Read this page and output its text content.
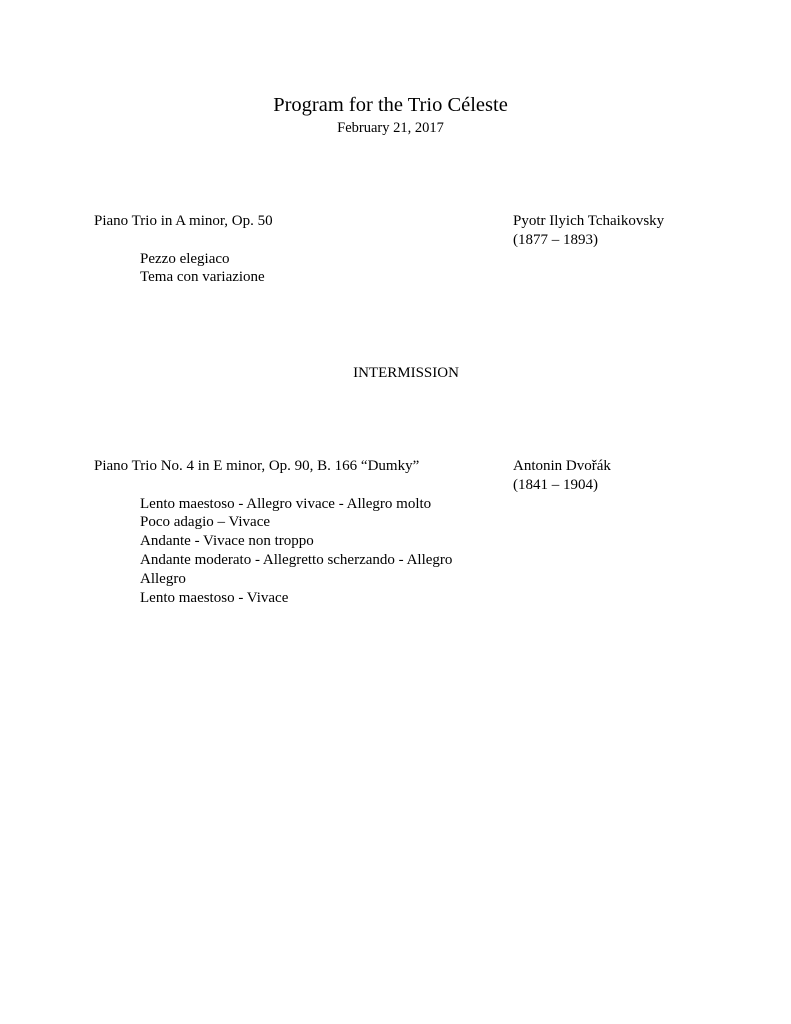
Program for the Trio Céleste
February 21, 2017
Piano Trio in A minor, Op. 50	Pyotr Ilyich Tchaikovsky
(1877 – 1893)
Pezzo elegiaco
Tema con variazione
INTERMISSION
Piano Trio No. 4 in E minor, Op. 90, B. 166 “Dumky”	Antonin Dvořák
(1841 – 1904)
Lento maestoso - Allegro vivace - Allegro molto
Poco adagio – Vivace
Andante - Vivace non troppo
Andante moderato - Allegretto scherzando - Allegro
Allegro
Lento maestoso - Vivace
